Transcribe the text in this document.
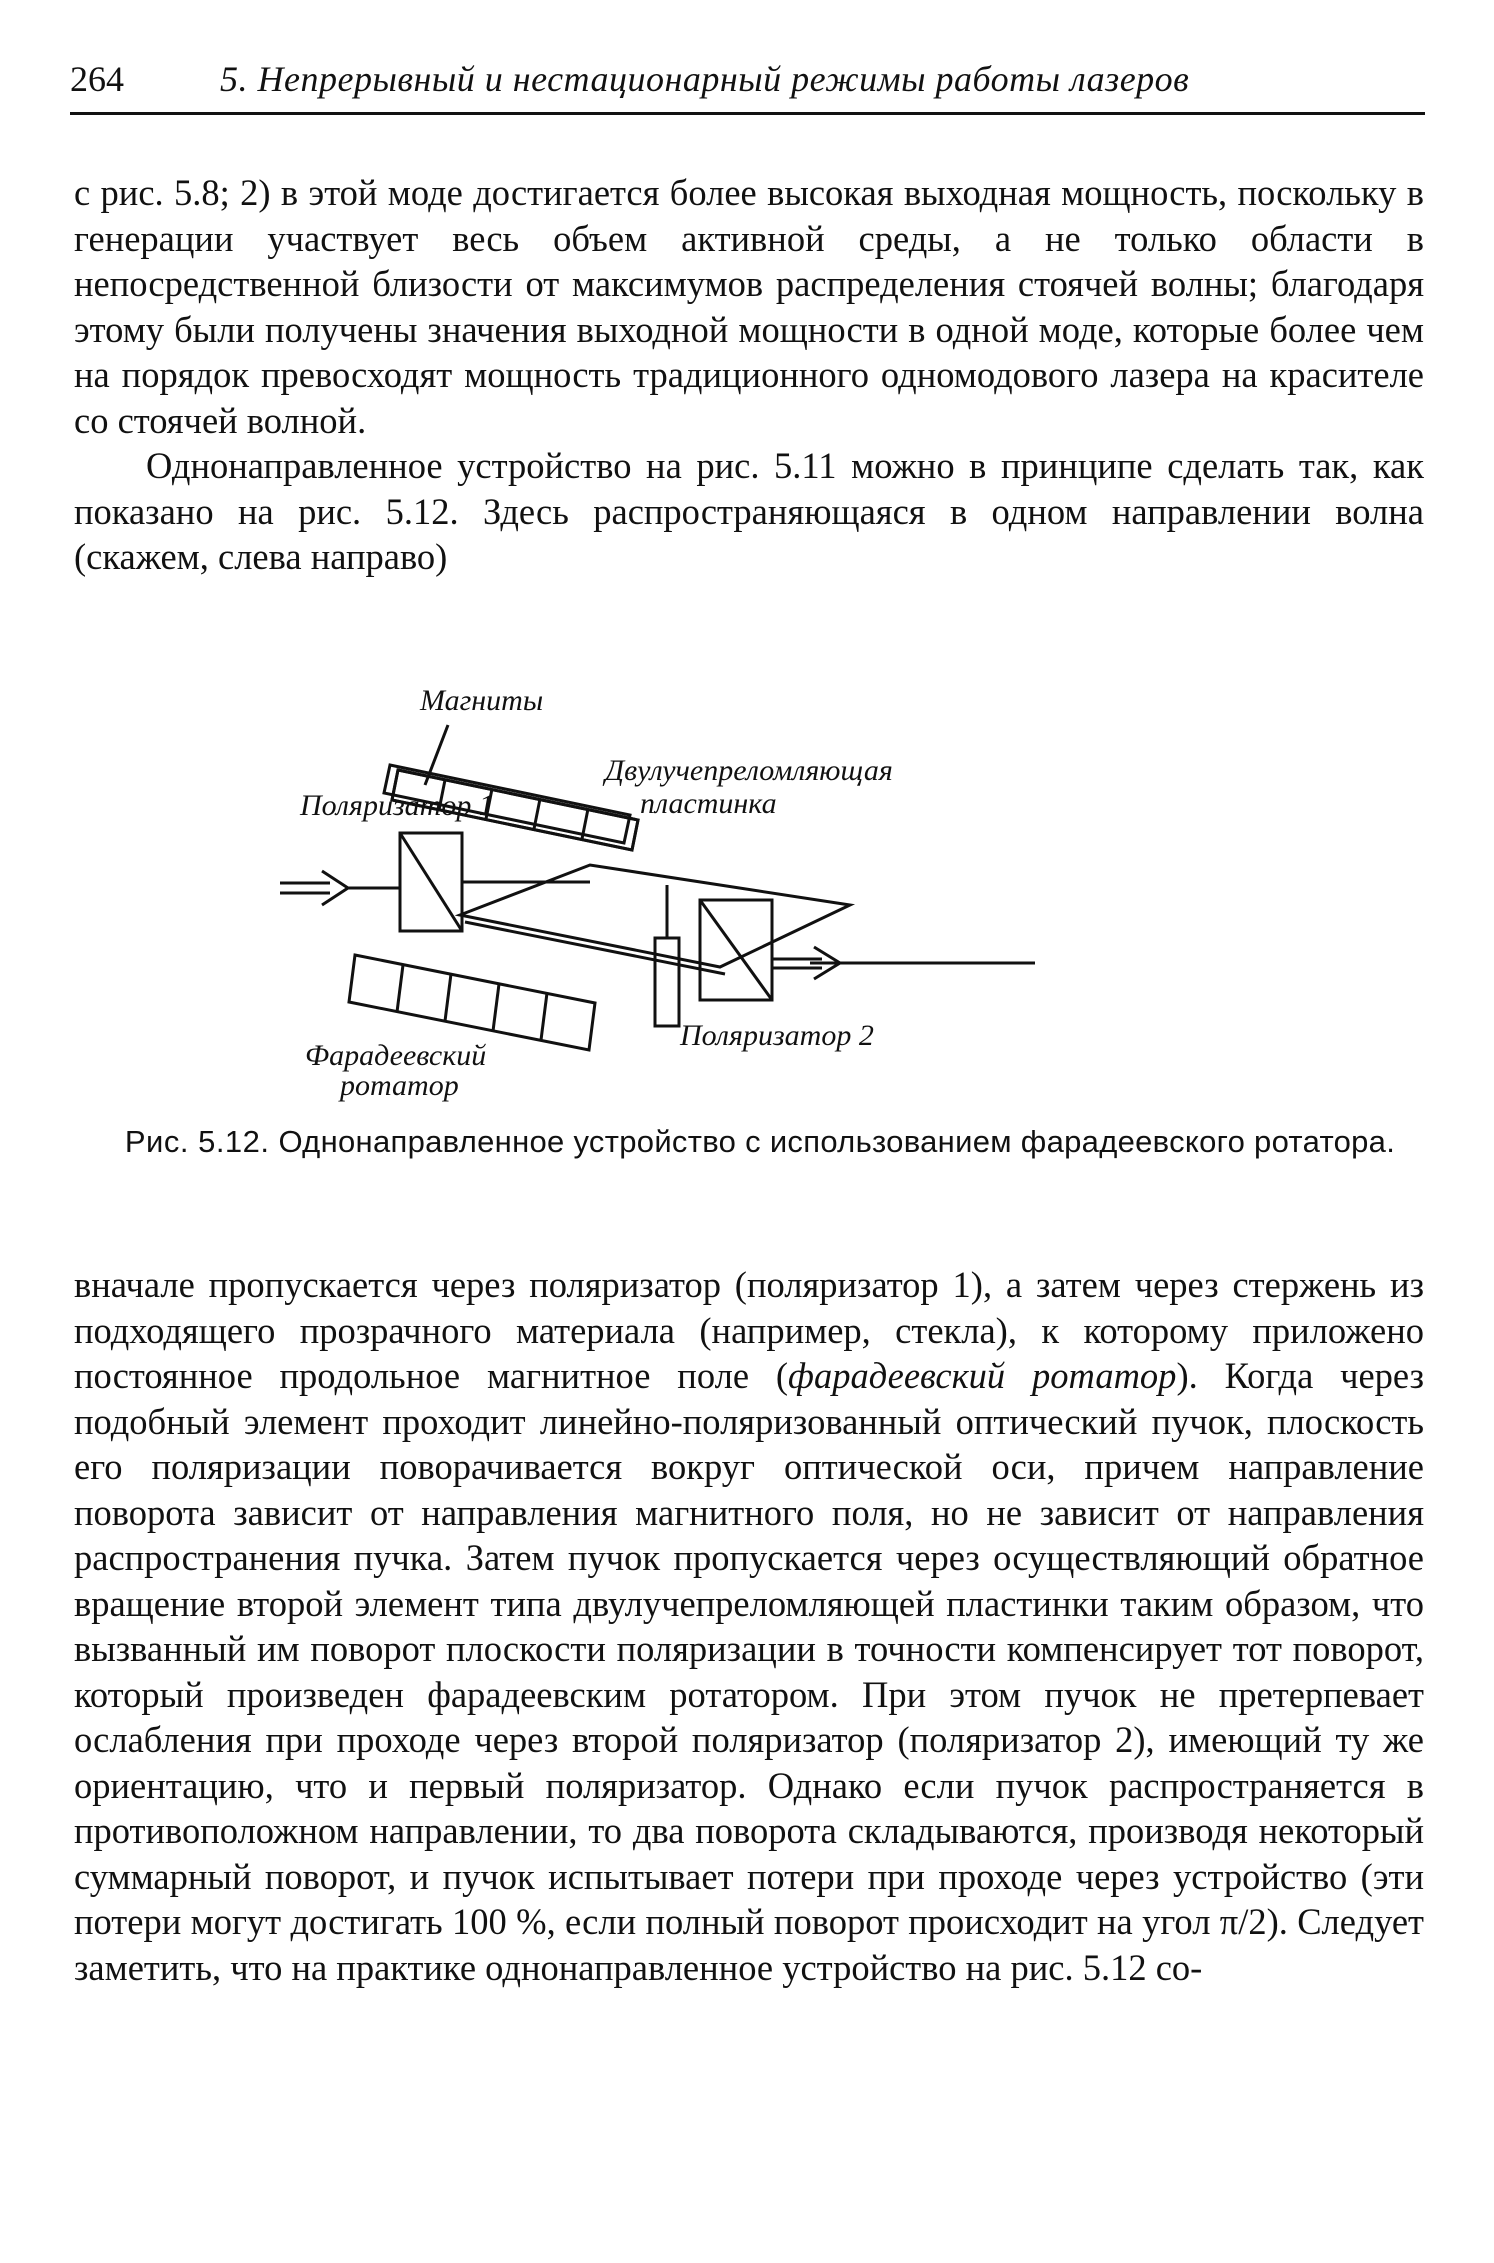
264	5. Непрерывный и нестационарный режимы работы лазеров

с рис. 5.8; 2) в этой моде достигается более высокая выходная мощность, поскольку в генерации участвует весь объем активной среды, а не только области в непосредственной близости от максимумов распределения стоячей волны; благодаря этому были получены значения выходной мощности в одной моде, которые более чем на порядок превосходят мощность традиционного одномодового лазера на красителе со стоячей волной.

Однонаправленное устройство на рис. 5.11 можно в принципе сделать так, как показано на рис. 5.12. Здесь распространяющаяся в одном направлении волна (скажем, слева направо)

Магниты
Поляризатор 1
Двулучепреломляющая
пластинка
Фарадеевский
ротатор
Поляризатор 2
Рис. 5.12. Однонаправленное устройство с использованием фарадеевского ротатора.

вначале пропускается через поляризатор (поляризатор 1), а затем через стержень из подходящего прозрачного материала (например, стекла), к которому приложено постоянное продольное магнитное поле (фарадеевский ротатор). Когда через подобный элемент проходит линейно-поляризованный оптический пучок, плоскость его поляризации поворачивается вокруг оптической оси, причем направление поворота зависит от направления магнитного поля, но не зависит от направления распространения пучка. Затем пучок пропускается через осуществляющий обратное вращение второй элемент типа двулучепреломляющей пластинки таким образом, что вызванный им поворот плоскости поляризации в точности компенсирует тот поворот, который произведен фарадеевским ротатором. При этом пучок не претерпевает ослабления при проходе через второй поляризатор (поляризатор 2), имеющий ту же ориентацию, что и первый поляризатор. Однако если пучок распространяется в противоположном направлении, то два поворота складываются, производя некоторый суммарный поворот, и пучок испытывает потери при проходе через устройство (эти потери могут достигать 100 %, если полный поворот происходит на угол π/2). Следует заметить, что на практике однонаправленное устройство на рис. 5.12 со-
